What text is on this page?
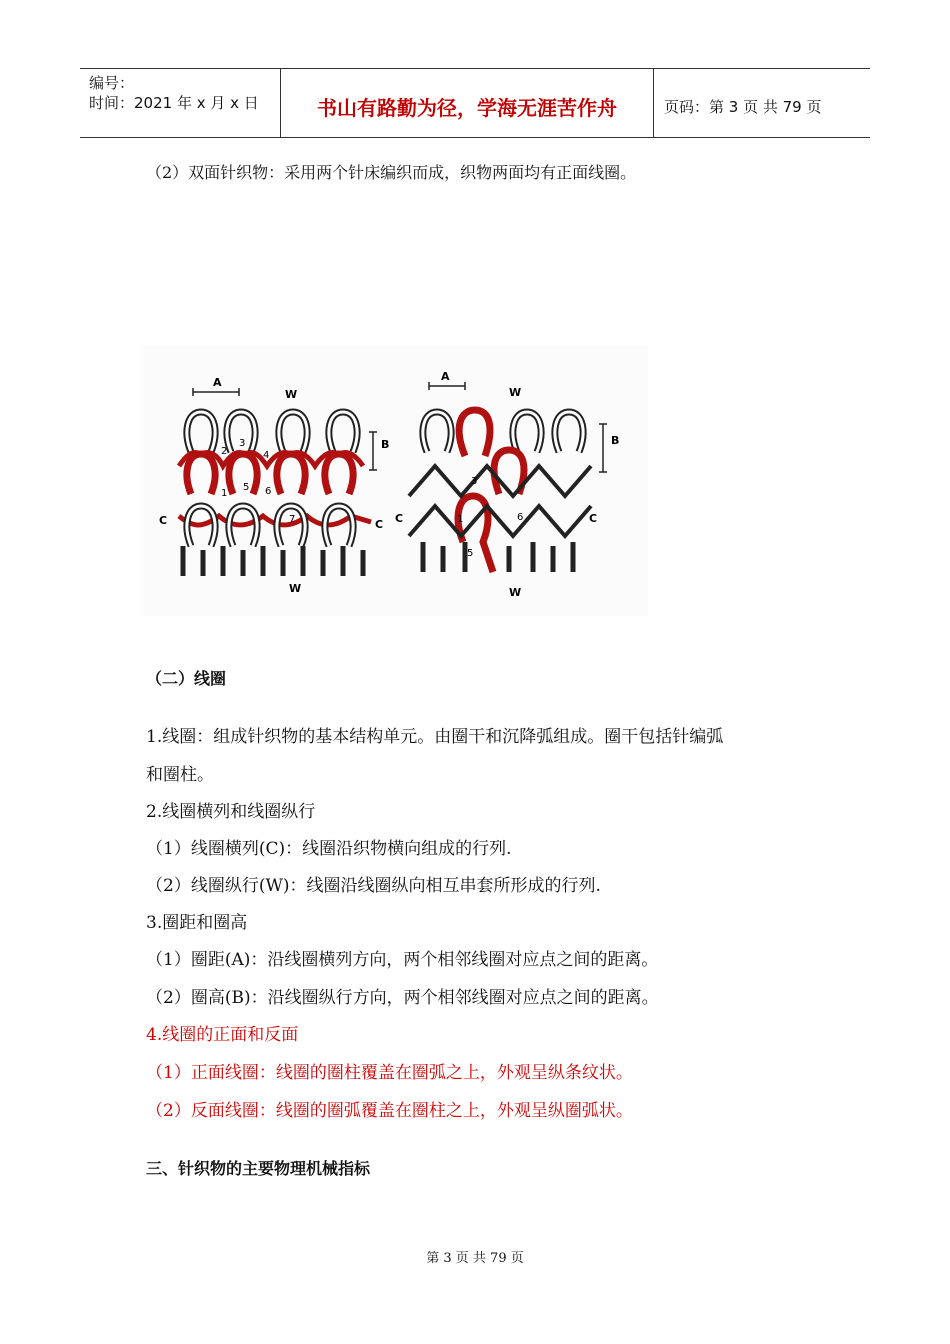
编号：
时间：2021 年 x 月 x 日	书山有路勤为径，学海无涯苦作舟	页码：第 3 页 共 79 页
（2）双面针织物：采用两个针床编织而成，织物两面均有正面线圈。
A
W
B
C	C
W
1
2
3
4
5 6
7
A
W
B
C	C
W
1
3
5
6
（二）线圈
1.线圈：组成针织物的基本结构单元。由圈干和沉降弧组成。圈干包括针编弧
和圈柱。
2.线圈横列和线圈纵行
（1）线圈横列(C)：线圈沿织物横向组成的行列.
（2）线圈纵行(W)：线圈沿线圈纵向相互串套所形成的行列.
3.圈距和圈高
（1）圈距(A)：沿线圈横列方向，两个相邻线圈对应点之间的距离。
（2）圈高(B)：沿线圈纵行方向，两个相邻线圈对应点之间的距离。
4.线圈的正面和反面
（1）正面线圈：线圈的圈柱覆盖在圈弧之上，外观呈纵条纹状。
（2）反面线圈：线圈的圈弧覆盖在圈柱之上，外观呈纵圈弧状。
三、针织物的主要物理机械指标
第 3 页 共 79 页
